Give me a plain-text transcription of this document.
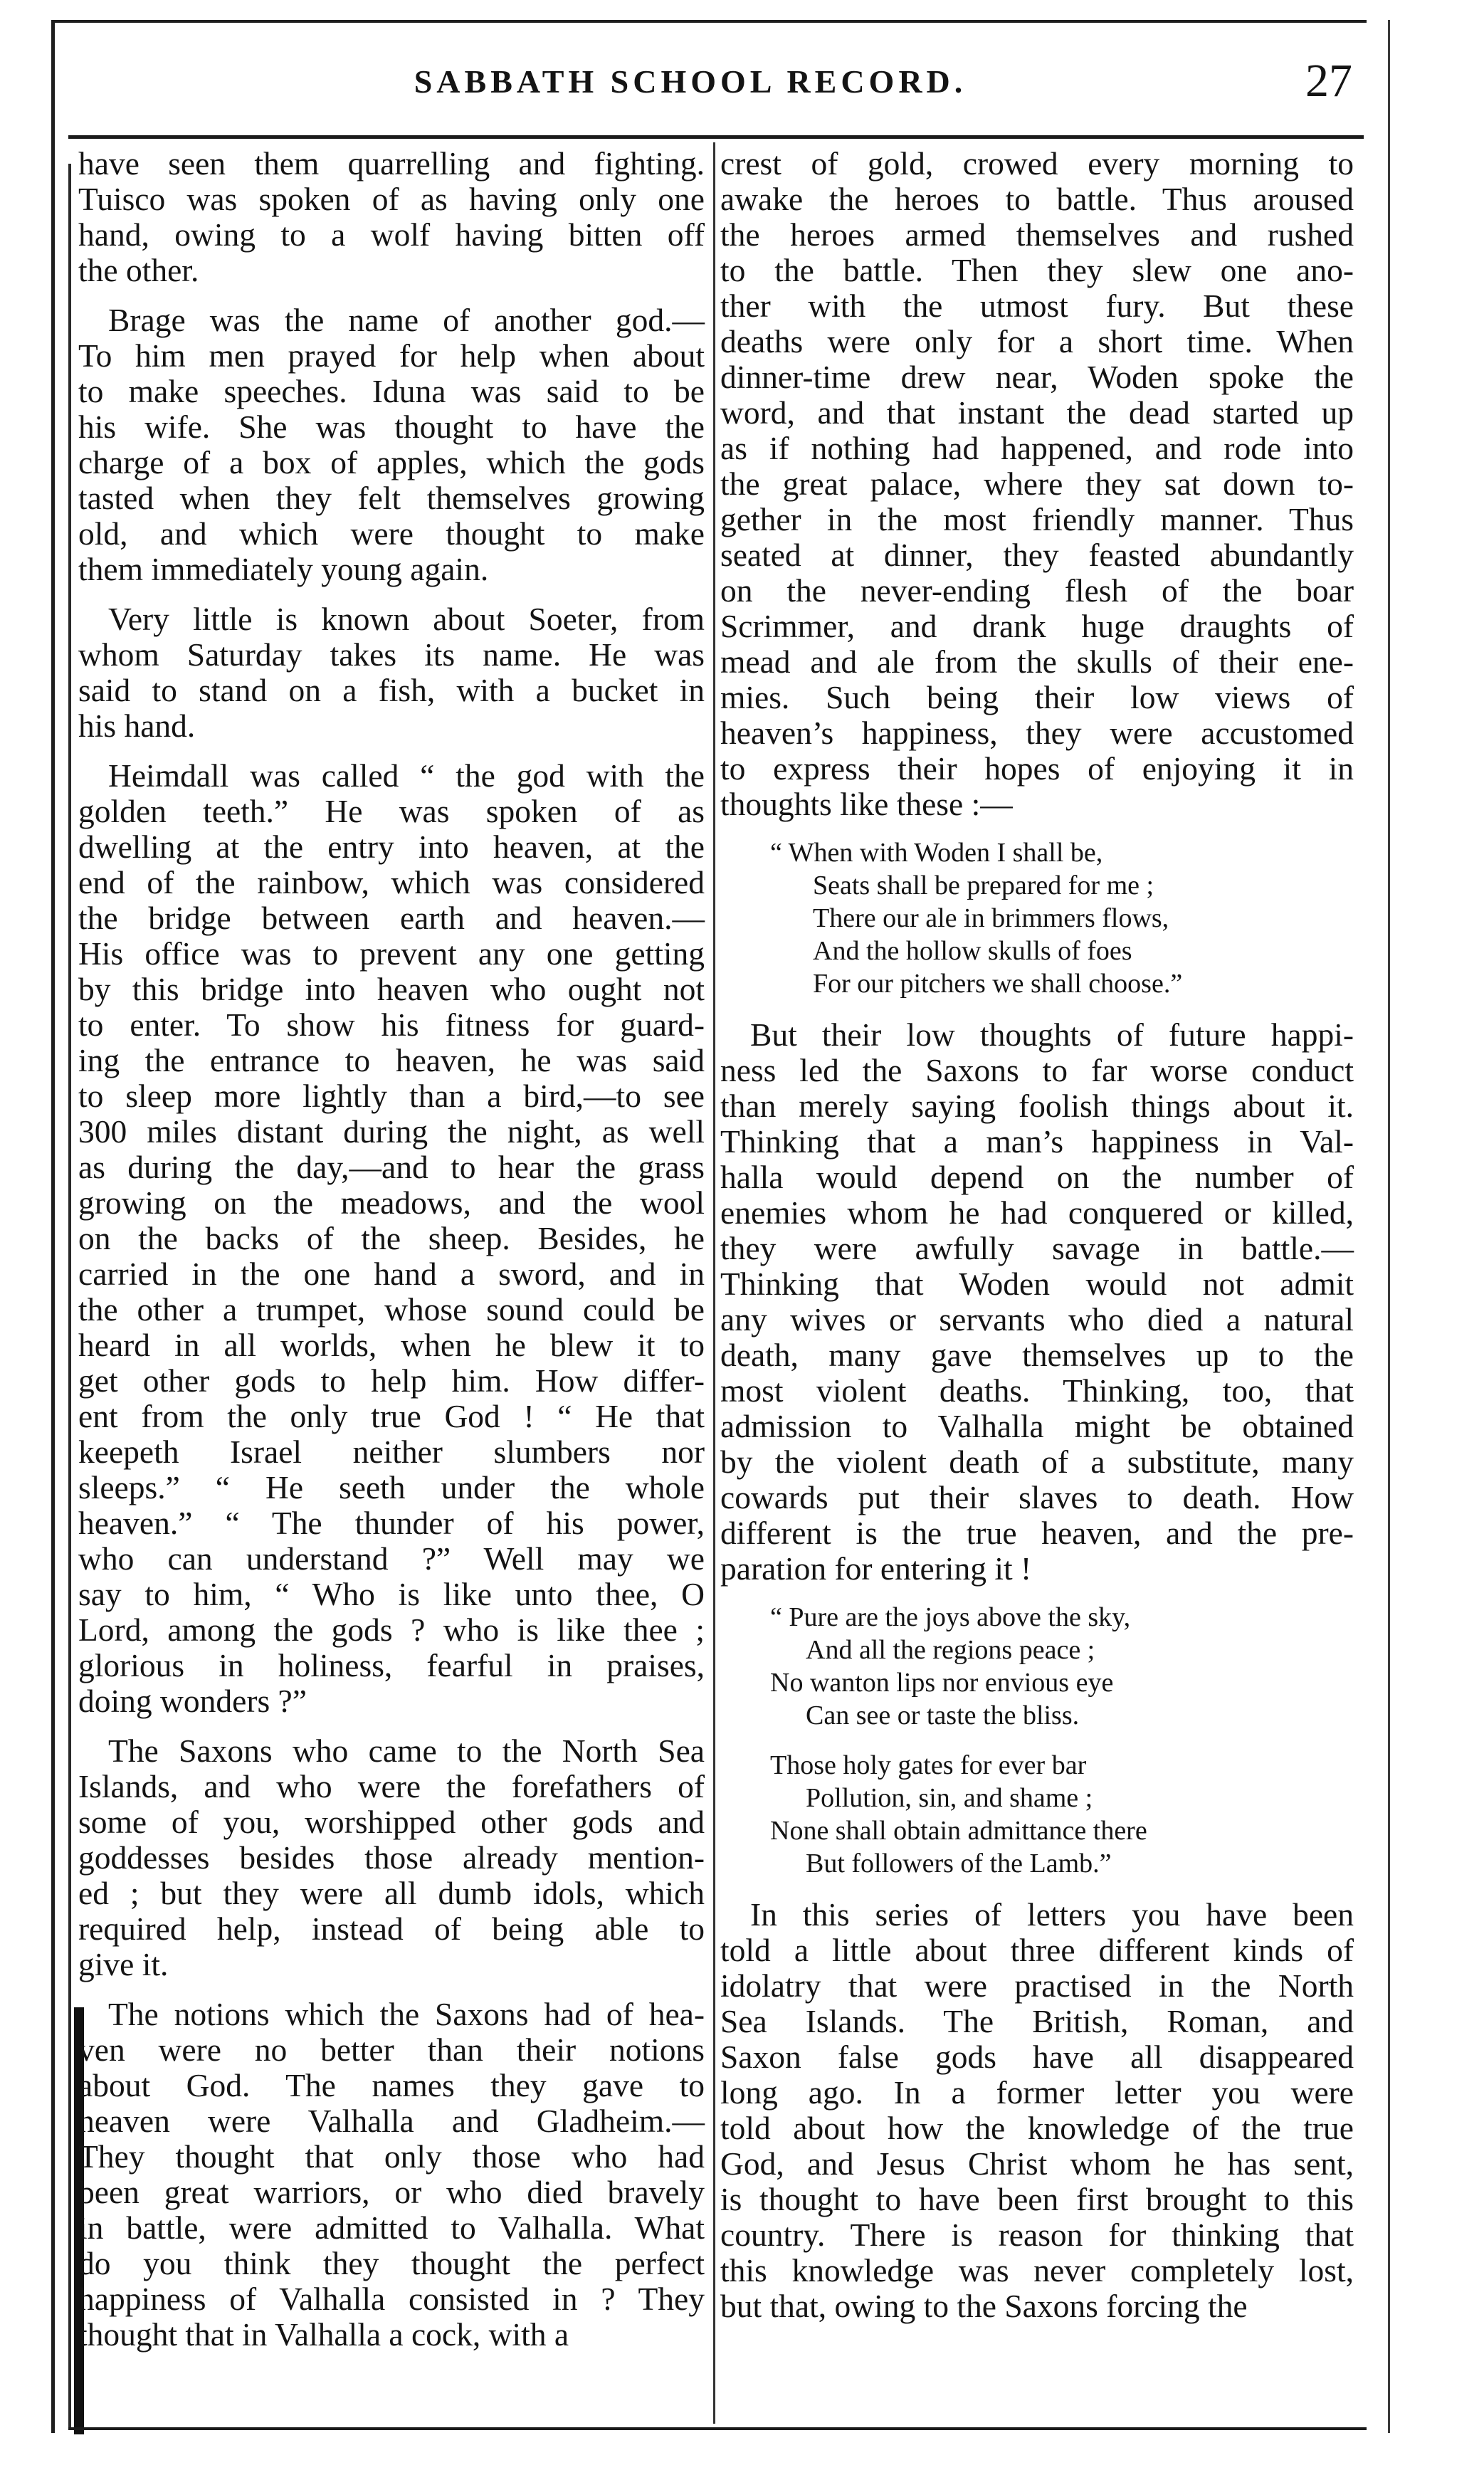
SABBATH SCHOOL RECORD.	27

have seen them quarrelling and fighting.
Tuisco was spoken of as having only one
hand, owing to a wolf having bitten off
the other.

Brage was the name of another god.—
To him men prayed for help when about
to make speeches. Iduna was said to be
his wife. She was thought to have the
charge of a box of apples, which the gods
tasted when they felt themselves growing
old, and which were thought to make
them immediately young again.

Very little is known about Soeter, from
whom Saturday takes its name. He was
said to stand on a fish, with a bucket in
his hand.

Heimdall was called “ the god with the
golden teeth.” He was spoken of as
dwelling at the entry into heaven, at the
end of the rainbow, which was considered
the bridge between earth and heaven.—
His office was to prevent any one getting
by this bridge into heaven who ought not
to enter. To show his fitness for guard-
ing the entrance to heaven, he was said
to sleep more lightly than a bird,—to see
300 miles distant during the night, as well
as during the day,—and to hear the grass
growing on the meadows, and the wool
on the backs of the sheep. Besides, he
carried in the one hand a sword, and in
the other a trumpet, whose sound could be
heard in all worlds, when he blew it to
get other gods to help him. How differ-
ent from the only true God ! “ He that
keepeth Israel neither slumbers nor
sleeps.” “ He seeth under the whole
heaven.” “ The thunder of his power,
who can understand ?” Well may we
say to him, “ Who is like unto thee, O
Lord, among the gods ? who is like thee ;
glorious in holiness, fearful in praises,
doing wonders ?”

The Saxons who came to the North Sea
Islands, and who were the forefathers of
some of you, worshipped other gods and
goddesses besides those already mention-
ed ; but they were all dumb idols, which
required help, instead of being able to
give it.

The notions which the Saxons had of hea-
ven were no better than their notions
about God. The names they gave to
heaven were Valhalla and Gladheim.—
They thought that only those who had
been great warriors, or who died bravely
in battle, were admitted to Valhalla. What
do you think they thought the perfect
happiness of Valhalla consisted in ? They
thought that in Valhalla a cock, with a

crest of gold, crowed every morning to
awake the heroes to battle. Thus aroused
the heroes armed themselves and rushed
to the battle. Then they slew one ano-
ther with the utmost fury. But these
deaths were only for a short time. When
dinner-time drew near, Woden spoke the
word, and that instant the dead started up
as if nothing had happened, and rode into
the great palace, where they sat down to-
gether in the most friendly manner. Thus
seated at dinner, they feasted abundantly
on the never-ending flesh of the boar
Scrimmer, and drank huge draughts of
mead and ale from the skulls of their ene-
mies. Such being their low views of
heaven’s happiness, they were accustomed
to express their hopes of enjoying it in
thoughts like these :—

“ When with Woden I shall be,
Seats shall be prepared for me ;
There our ale in brimmers flows,
And the hollow skulls of foes
For our pitchers we shall choose.”

But their low thoughts of future happi-
ness led the Saxons to far worse conduct
than merely saying foolish things about it.
Thinking that a man’s happiness in Val-
halla would depend on the number of
enemies whom he had conquered or killed,
they were awfully savage in battle.—
Thinking that Woden would not admit
any wives or servants who died a natural
death, many gave themselves up to the
most violent deaths. Thinking, too, that
admission to Valhalla might be obtained
by the violent death of a substitute, many
cowards put their slaves to death. How
different is the true heaven, and the pre-
paration for entering it !

“ Pure are the joys above the sky,
And all the regions peace ;
No wanton lips nor envious eye
Can see or taste the bliss.
Those holy gates for ever bar
Pollution, sin, and shame ;
None shall obtain admittance there
But followers of the Lamb.”

In this series of letters you have been
told a little about three different kinds of
idolatry that were practised in the North
Sea Islands. The British, Roman, and
Saxon false gods have all disappeared
long ago. In a former letter you were
told about how the knowledge of the true
God, and Jesus Christ whom he has sent,
is thought to have been first brought to this
country. There is reason for thinking that
this knowledge was never completely lost,
but that, owing to the Saxons forcing the
